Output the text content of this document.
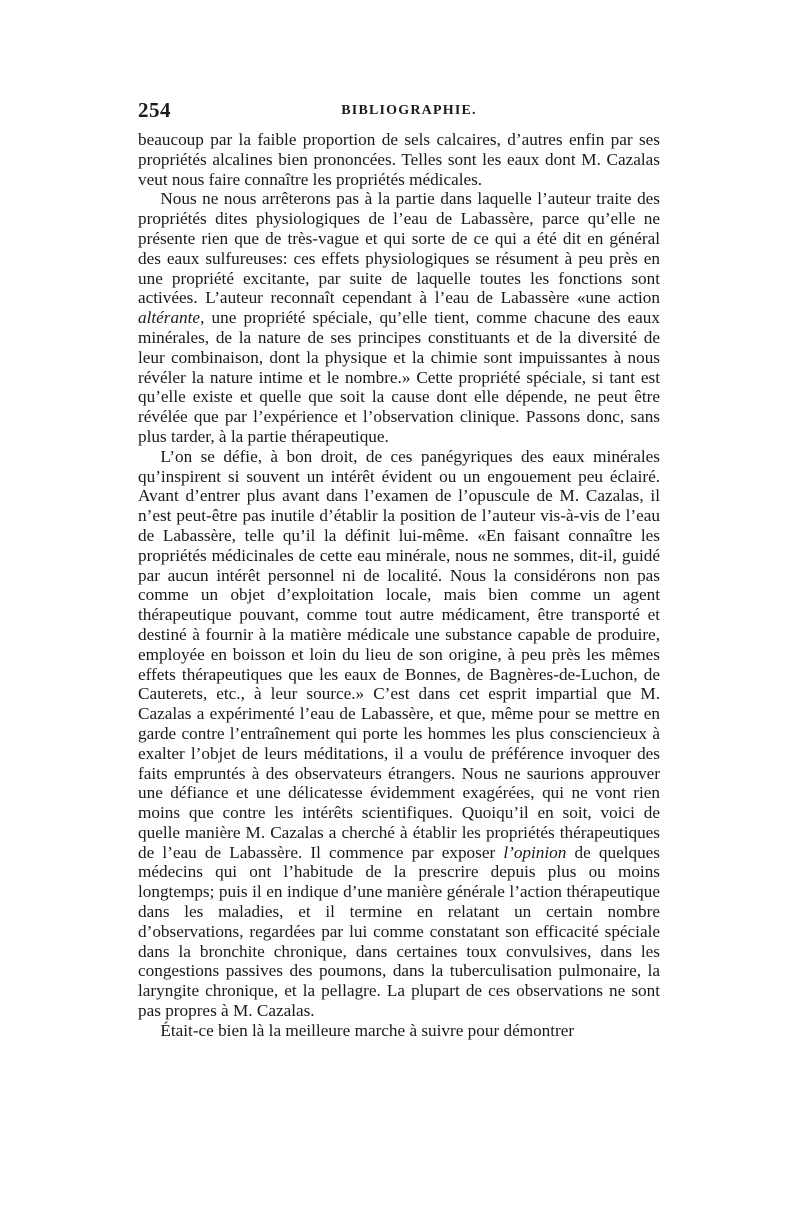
254	BIBLIOGRAPHIE.

beaucoup par la faible proportion de sels calcaires, d’autres enfin par ses propriétés alcalines bien prononcées. Telles sont les eaux dont M. Cazalas veut nous faire connaître les propriétés médicales.

Nous ne nous arrêterons pas à la partie dans laquelle l’auteur traite des propriétés dites physiologiques de l’eau de Labassère, parce qu’elle ne présente rien que de très-vague et qui sorte de ce qui a été dit en général des eaux sulfureuses: ces effets physiologiques se résument à peu près en une propriété excitante, par suite de laquelle toutes les fonctions sont activées. L’auteur reconnaît cependant à l’eau de Labassère «une action altérante, une propriété spéciale, qu’elle tient, comme chacune des eaux minérales, de la nature de ses principes constituants et de la diversité de leur combinaison, dont la physique et la chimie sont impuissantes à nous révéler la nature intime et le nombre.» Cette propriété spéciale, si tant est qu’elle existe et quelle que soit la cause dont elle dépende, ne peut être révélée que par l’expérience et l’observation clinique. Passons donc, sans plus tarder, à la partie thérapeutique.

L’on se défie, à bon droit, de ces panégyriques des eaux minérales qu’inspirent si souvent un intérêt évident ou un engouement peu éclairé. Avant d’entrer plus avant dans l’examen de l’opuscule de M. Cazalas, il n’est peut-être pas inutile d’établir la position de l’auteur vis-à-vis de l’eau de Labassère, telle qu’il la définit lui-même. «En faisant connaître les propriétés médicinales de cette eau minérale, nous ne sommes, dit-il, guidé par aucun intérêt personnel ni de localité. Nous la considérons non pas comme un objet d’exploitation locale, mais bien comme un agent thérapeutique pouvant, comme tout autre médicament, être transporté et destiné à fournir à la matière médicale une substance capable de produire, employée en boisson et loin du lieu de son origine, à peu près les mêmes effets thérapeutiques que les eaux de Bonnes, de Bagnères-de-Luchon, de Cauterets, etc., à leur source.» C’est dans cet esprit impartial que M. Cazalas a expérimenté l’eau de Labassère, et que, même pour se mettre en garde contre l’entraînement qui porte les hommes les plus consciencieux à exalter l’objet de leurs méditations, il a voulu de préférence invoquer des faits empruntés à des observateurs étrangers. Nous ne saurions approuver une défiance et une délicatesse évidemment exagérées, qui ne vont rien moins que contre les intérêts scientifiques. Quoiqu’il en soit, voici de quelle manière M. Cazalas a cherché à établir les propriétés thérapeutiques de l’eau de Labassère. Il commence par exposer l’opinion de quelques médecins qui ont l’habitude de la prescrire depuis plus ou moins longtemps; puis il en indique d’une manière générale l’action thérapeutique dans les maladies, et il termine en relatant un certain nombre d’observations, regardées par lui comme constatant son efficacité spéciale dans la bronchite chronique, dans certaines toux convulsives, dans les congestions passives des poumons, dans la tuberculisation pulmonaire, la laryngite chronique, et la pellagre. La plupart de ces observations ne sont pas propres à M. Cazalas.

Était-ce bien là la meilleure marche à suivre pour démontrer
